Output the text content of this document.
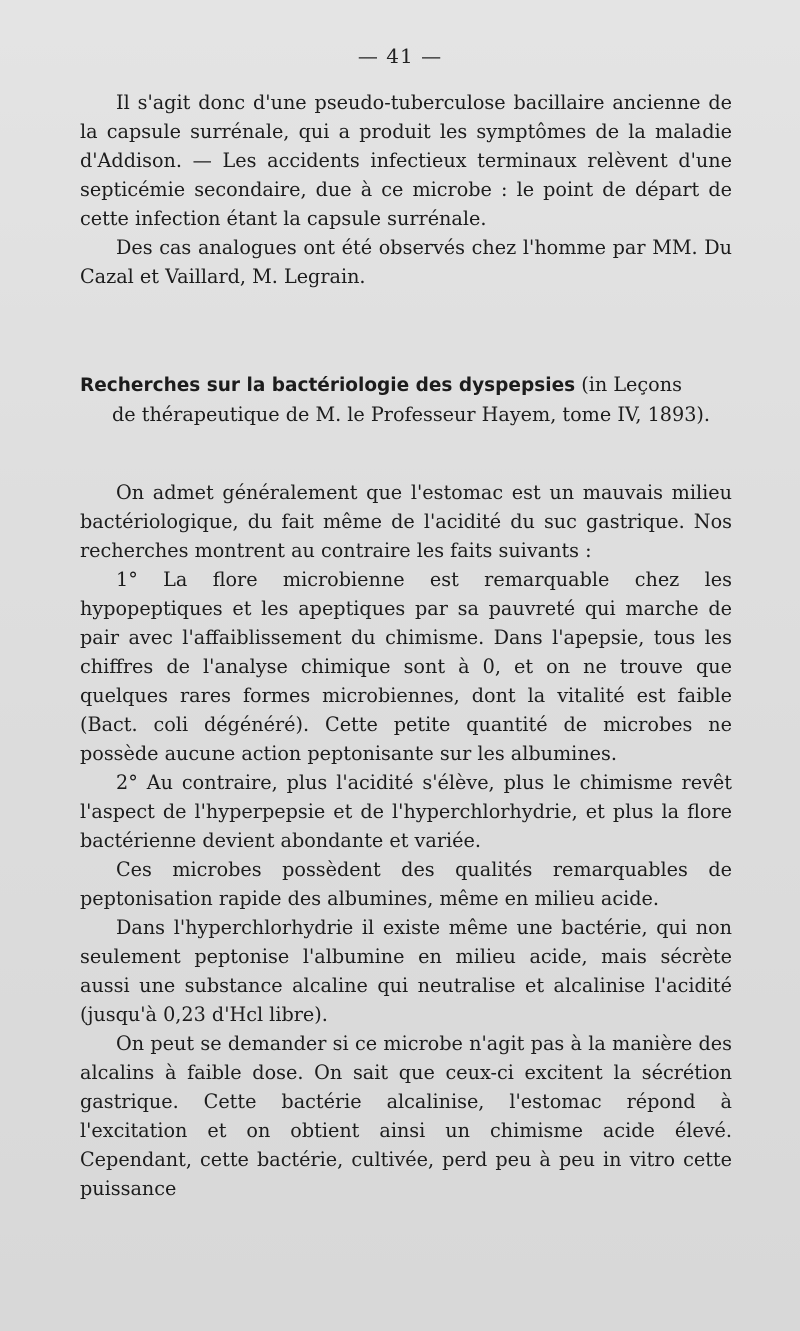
— 41 —

Il s'agit donc d'une pseudo-tuberculose bacillaire ancienne de la capsule surrénale, qui a produit les symptômes de la maladie d'Addison. — Les accidents infectieux terminaux relèvent d'une septicémie secondaire, due à ce microbe : le point de départ de cette infection étant la capsule surrénale.

Des cas analogues ont été observés chez l'homme par MM. Du Cazal et Vaillard, M. Legrain.

Recherches sur la bactériologie des dyspepsies (in Leçons
de thérapeutique de M. le Professeur Hayem, tome IV, 1893).

On admet généralement que l'estomac est un mauvais milieu bactériologique, du fait même de l'acidité du suc gastrique. Nos recherches montrent au contraire les faits suivants :

1° La flore microbienne est remarquable chez les hypopeptiques et les apeptiques par sa pauvreté qui marche de pair avec l'affaiblissement du chimisme. Dans l'apepsie, tous les chiffres de l'analyse chimique sont à 0, et on ne trouve que quelques rares formes microbiennes, dont la vitalité est faible (Bact. coli dégénéré). Cette petite quantité de microbes ne possède aucune action peptonisante sur les albumines.

2° Au contraire, plus l'acidité s'élève, plus le chimisme revêt l'aspect de l'hyperpepsie et de l'hyperchlorhydrie, et plus la flore bactérienne devient abondante et variée.

Ces microbes possèdent des qualités remarquables de peptonisation rapide des albumines, même en milieu acide.

Dans l'hyperchlorhydrie il existe même une bactérie, qui non seulement peptonise l'albumine en milieu acide, mais sécrète aussi une substance alcaline qui neutralise et alcalinise l'acidité (jusqu'à 0,23 d'Hcl libre).

On peut se demander si ce microbe n'agit pas à la manière des alcalins à faible dose. On sait que ceux-ci excitent la sécrétion gastrique. Cette bactérie alcalinise, l'estomac répond à l'excitation et on obtient ainsi un chimisme acide élevé. Cependant, cette bactérie, cultivée, perd peu à peu in vitro cette puissance
